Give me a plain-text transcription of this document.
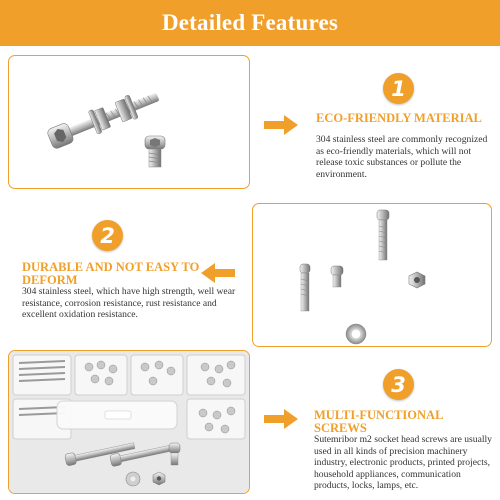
Detailed Features
1
ECO-FRIENDLY MATERIAL
304 stainless steel are commonly recognized as eco-friendly materials, which will not release toxic substances or pollute the environment.
2
DURABLE AND NOT EASY TO DEFORM
304 stainless steel, which have high strength, well wear resistance, corrosion resistance, rust resistance and excellent oxidation resistance.
3
MULTI-FUNCTIONAL SCREWS
Sutemribor m2 socket head screws are usually used in all kinds of precision machinery industry, electronic products, printed projects, household appliances, communication products, locks, lamps, etc.
